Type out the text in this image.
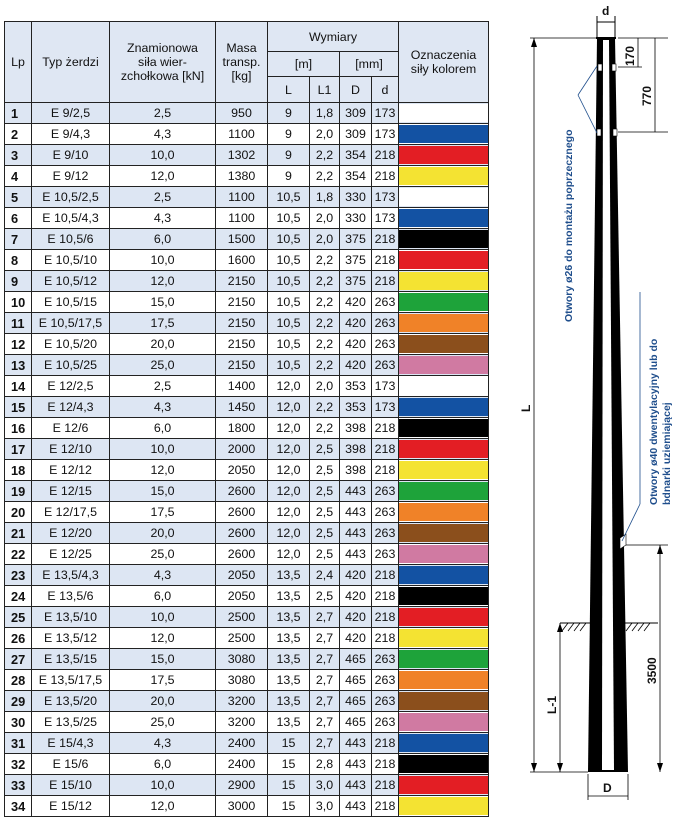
Lp	Typ żerdzi	Znamionowa
siła wier-
zchołkowa [kN]	Masa
transp.
[kg]	Wymiary				Oznaczenia
siły kolorem
				[m]		[mm]		
				L	L1	D	d	
1	E 9/2,5	2,5	950	9	1,8	309	173	

2	E 9/4,3	4,3	1100	9	2,0	309	173	

3	E 9/10	10,0	1302	9	2,2	354	218	

4	E 9/12	12,0	1380	9	2,2	354	218	

5	E 10,5/2,5	2,5	1100	10,5	1,8	330	173	

6	E 10,5/4,3	4,3	1100	10,5	2,0	330	173	

7	E 10,5/6	6,0	1500	10,5	2,0	375	218	

8	E 10,5/10	10,0	1600	10,5	2,2	375	218	

9	E 10,5/12	12,0	2150	10,5	2,2	375	218	

10	E 10,5/15	15,0	2150	10,5	2,2	420	263	

11	E 10,5/17,5	17,5	2150	10,5	2,2	420	263	

12	E 10,5/20	20,0	2150	10,5	2,2	420	263	

13	E 10,5/25	25,0	2150	10,5	2,2	420	263	

14	E 12/2,5	2,5	1400	12,0	2,0	353	173	

15	E 12/4,3	4,3	1450	12,0	2,2	353	173	

16	E 12/6	6,0	1800	12,0	2,2	398	218	

17	E 12/10	10,0	2000	12,0	2,5	398	218	

18	E 12/12	12,0	2050	12,0	2,5	398	218	

19	E 12/15	15,0	2600	12,0	2,5	443	263	

20	E 12/17,5	17,5	2600	12,0	2,5	443	263	

21	E 12/20	20,0	2600	12,0	2,5	443	263	

22	E 12/25	25,0	2600	12,0	2,5	443	263	

23	E 13,5/4,3	4,3	2050	13,5	2,4	420	218	

24	E 13,5/6	6,0	2050	13,5	2,5	420	218	

25	E 13,5/10	10,0	2500	13,5	2,7	420	218	

26	E 13,5/12	12,0	2500	13,5	2,7	420	218	

27	E 13,5/15	15,0	3080	13,5	2,7	465	263	

28	E 13,5/17,5	17,5	3080	13,5	2,7	465	263	

29	E 13,5/20	20,0	3200	13,5	2,7	465	263	

30	E 13,5/25	25,0	3200	13,5	2,7	465	263	

31	E 15/4,3	4,3	2400	15	2,7	443	218	

32	E 15/6	6,0	2400	15	2,8	443	218	

33	E 15/10	10,0	2900	15	3,0	443	218	

34	E 15/12	12,0	3000	15	3,0	443	218	
d
170
770
L
L-1
3500
D
Otwory ø26 do montażu poprzecznego
Otwory ø40 dwentylacyjny lub do bdnarki uziemiającej
